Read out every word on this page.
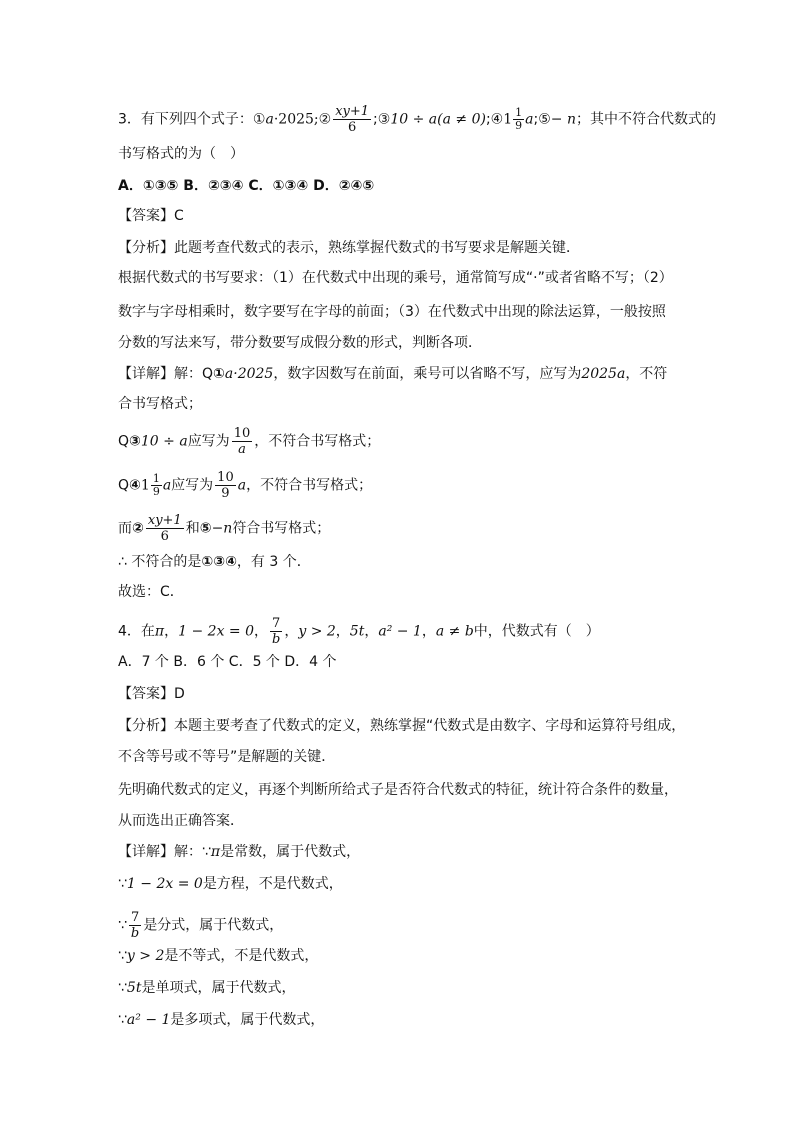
3．有下列四个式子：①a·2025;② $\frac{xy+1}{6}$ ;③10 ÷ a(a ≠ 0);④1 $\frac{1}{9}$ a;⑤− n；其中不符合代数式的
书写格式的为（　）
A．①③⑤ B．②③④ C．①③④ D．②④⑤
【答案】C
【分析】此题考查代数式的表示，熟练掌握代数式的书写要求是解题关键．
根据代数式的书写要求：（1）在代数式中出现的乘号，通常简写成“·”或者省略不写；（2）
数字与字母相乘时，数字要写在字母的前面；（3）在代数式中出现的除法运算，一般按照
分数的写法来写，带分数要写成假分数的形式，判断各项．
【详解】解：Q①a·2025，数字因数写在前面，乘号可以省略不写，应写为2025a，不符
合书写格式；
Q③10 ÷ a应写为 $\frac{10}{a}$ ，不符合书写格式；
Q④1 $\frac{1}{9}$ a应写为 $\frac{10}{9}$ a，不符合书写格式；
而② $\frac{xy+1}{6}$ 和⑤−n符合书写格式；
∴ 不符合的是①③④，有 3 个．
故选：C．
4．在π，1 − 2x = 0， $\frac{7}{b}$ ，y > 2，5t，a² − 1，a ≠ b中，代数式有（　）
A．7 个 B．6 个 C．5 个 D．4 个
【答案】D
【分析】本题主要考查了代数式的定义，熟练掌握“代数式是由数字、字母和运算符号组成，
不含等号或不等号”是解题的关键．
先明确代数式的定义，再逐个判断所给式子是否符合代数式的特征，统计符合条件的数量，
从而选出正确答案．
【详解】解：∵π是常数，属于代数式，
∵1 − 2x = 0是方程，不是代数式，
∵ $\frac{7}{b}$ 是分式，属于代数式，
∵y > 2是不等式，不是代数式，
∵5t是单项式，属于代数式，
∵a² − 1是多项式，属于代数式，
